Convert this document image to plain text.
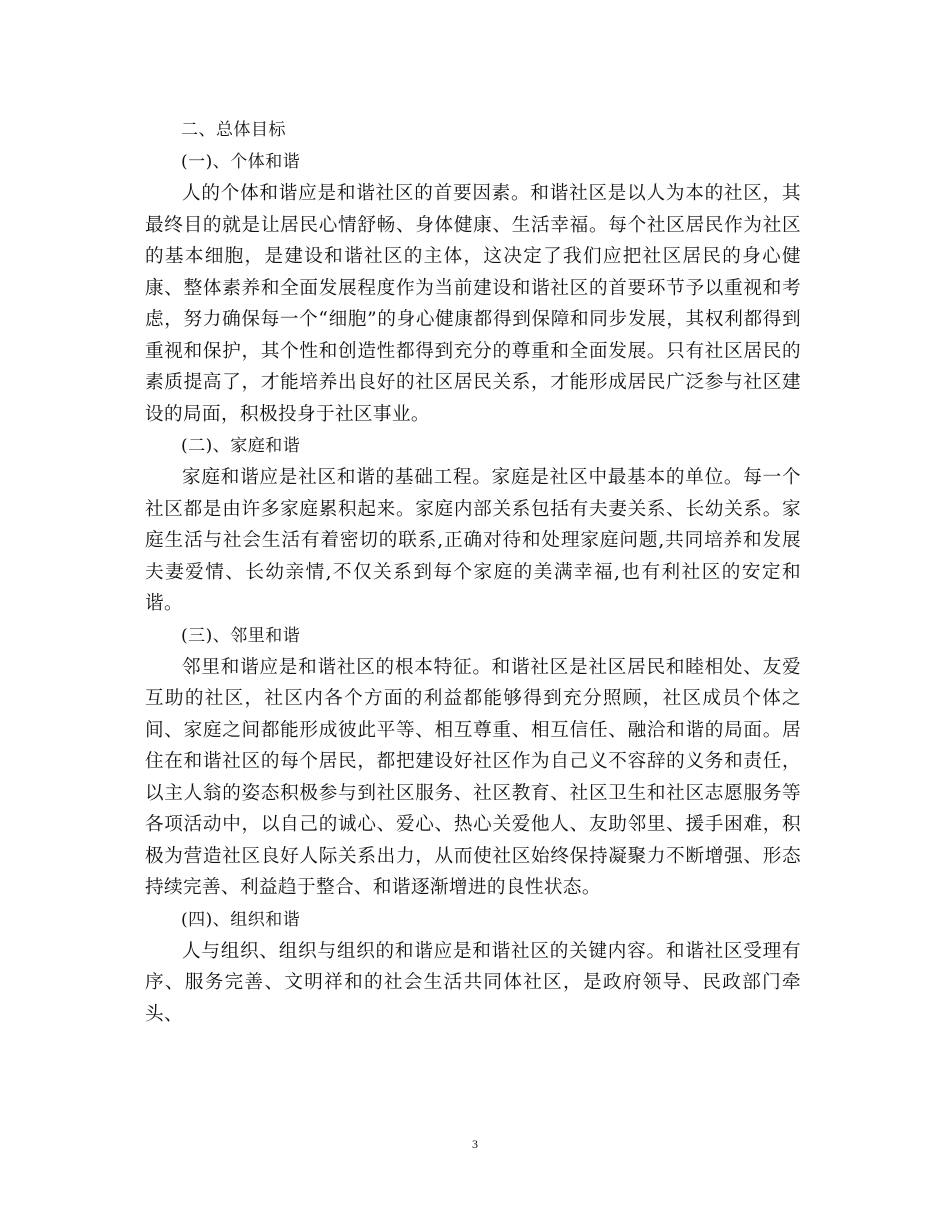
二、总体目标

(一)、个体和谐

人的个体和谐应是和谐社区的首要因素。和谐社区是以人为本的社区，其最终目的就是让居民心情舒畅、身体健康、生活幸福。每个社区居民作为社区的基本细胞，是建设和谐社区的主体，这决定了我们应把社区居民的身心健康、整体素养和全面发展程度作为当前建设和谐社区的首要环节予以重视和考虑，努力确保每一个“细胞”的身心健康都得到保障和同步发展，其权利都得到重视和保护，其个性和创造性都得到充分的尊重和全面发展。只有社区居民的素质提高了，才能培养出良好的社区居民关系，才能形成居民广泛参与社区建设的局面，积极投身于社区事业。

(二)、家庭和谐

家庭和谐应是社区和谐的基础工程。家庭是社区中最基本的单位。每一个社区都是由许多家庭累积起来。家庭内部关系包括有夫妻关系、长幼关系。家庭生活与社会生活有着密切的联系,正确对待和处理家庭问题,共同培养和发展夫妻爱情、长幼亲情,不仅关系到每个家庭的美满幸福,也有利社区的安定和谐。

(三)、邻里和谐

邻里和谐应是和谐社区的根本特征。和谐社区是社区居民和睦相处、友爱互助的社区，社区内各个方面的利益都能够得到充分照顾，社区成员个体之间、家庭之间都能形成彼此平等、相互尊重、相互信任、融洽和谐的局面。居住在和谐社区的每个居民，都把建设好社区作为自己义不容辞的义务和责任，以主人翁的姿态积极参与到社区服务、社区教育、社区卫生和社区志愿服务等各项活动中，以自己的诚心、爱心、热心关爱他人、友助邻里、援手困难，积极为营造社区良好人际关系出力，从而使社区始终保持凝聚力不断增强、形态持续完善、利益趋于整合、和谐逐渐增进的良性状态。

(四)、组织和谐

人与组织、组织与组织的和谐应是和谐社区的关键内容。和谐社区受理有序、服务完善、文明祥和的社会生活共同体社区，是政府领导、民政部门牵头、

3
